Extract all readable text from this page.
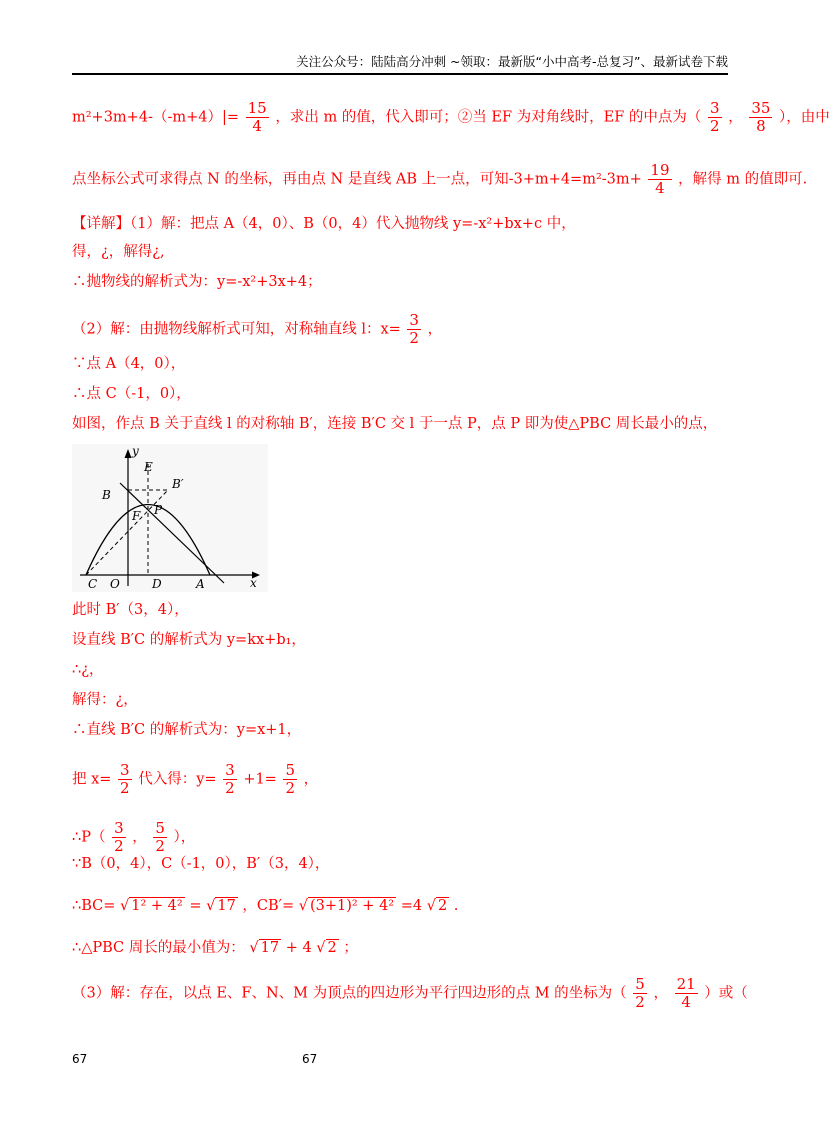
关注公众号：陆陆高分冲刺 ~领取：最新版“小中高考-总复习”、最新试卷下载
$m^2+3m+4-(-m+4)|= \frac{15}{4}$ ，求出 m 的值，代入即可；②当 EF 为对角线时，EF 的中点为（ $\frac{3}{2}$ ， $\frac{35}{8}$ ），由中
点坐标公式可求得点 N 的坐标，再由点 N 是直线 AB 上一点，可知$-3+m+4=m^2-3m+ \frac{19}{4}$ ，解得 m 的值即可.
【详解】（1）解：把点 A（4，0）、B（0，4）代入抛物线 y=-x²+bx+c 中，
得，¿，解得¿,
∴抛物线的解析式为：y=-x²+3x+4；
（2）解：由抛物线解析式可知，对称轴直线 l：$x= \frac{3}{2}$ ，
∵点 A（4，0），
∴点 C（-1，0），
如图，作点 B 关于直线 l 的对称轴 B′，连接 B′C 交 l 于一点 P，点 P 即为使△PBC 周长最小的点，
y
x
E
B
B′
F P
C O	D	A
此时 B′（3，4），
设直线 B′C 的解析式为 y=kx+b₁，
∴¿，
解得：¿，
∴直线 B′C 的解析式为：y=x+1，
把 $x= \frac{3}{2}$ 代入得：$y= \frac{3}{2} +1= \frac{5}{2}$ ，
∴P（ $\frac{3}{2}$ ， $\frac{5}{2}$ ），
∵B（0，4），C（-1，0），B′（3，4），
∴BC= √ 1² + 4² = √ 17 ，CB′= √ (3+1)² + 4² =4 √ 2 .
∴△PBC 周长的最小值为： √ 17 + 4 √ 2 ；
（3）解：存在，以点 E、F、N、M 为顶点的四边形为平行四边形的点 M 的坐标为（ $\frac{5}{2}$ ， $\frac{21}{4}$ ）或（
67	67
